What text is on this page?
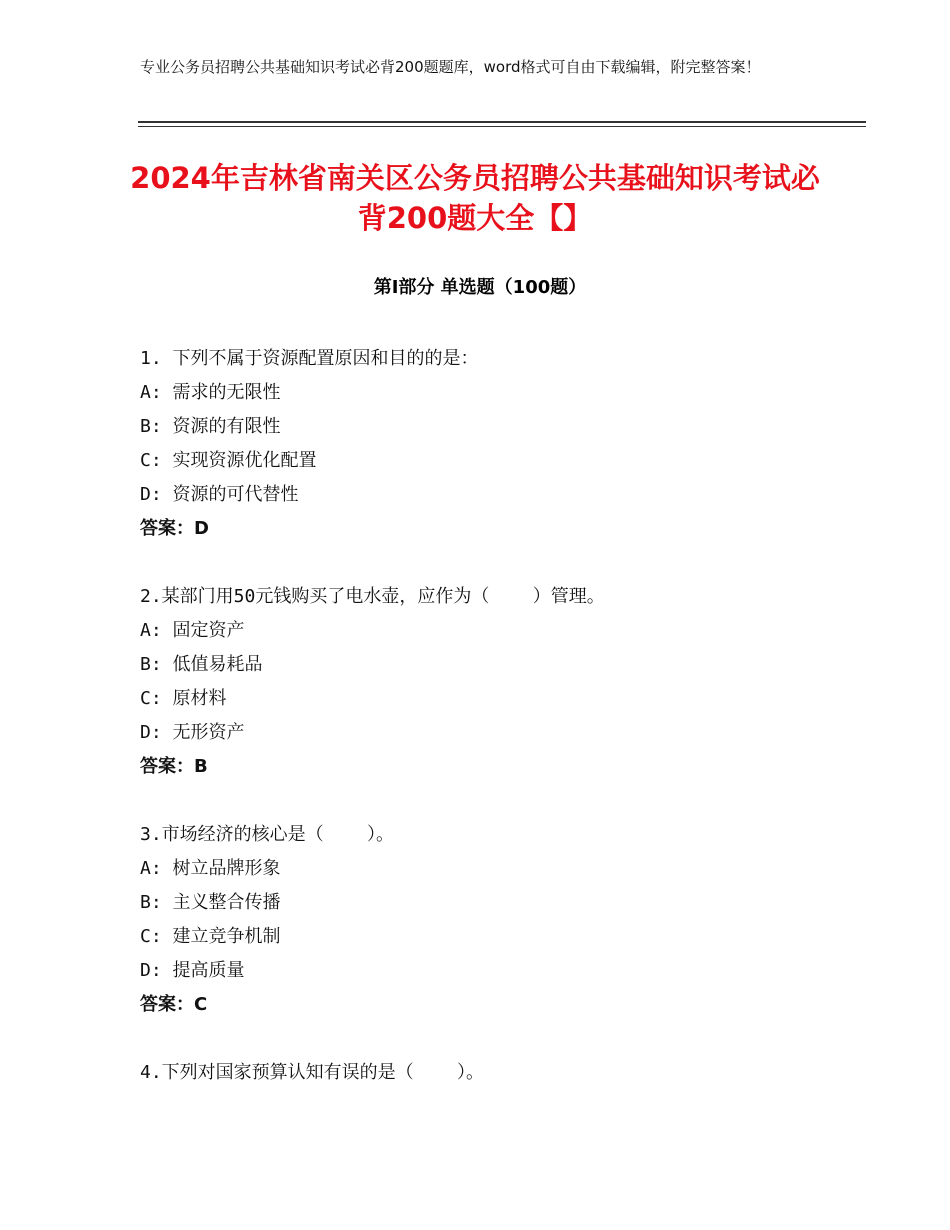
专业公务员招聘公共基础知识考试必背200题题库，word格式可自由下载编辑，附完整答案！
2024年吉林省南关区公务员招聘公共基础知识考试必背200题大全【】
第Ⅰ部分 单选题（100题）
1. 下列不属于资源配置原因和目的的是：
A: 需求的无限性
B: 资源的有限性
C: 实现资源优化配置
D: 资源的可代替性
答案：D
2.某部门用50元钱购买了电水壶，应作为（    ）管理。
A: 固定资产
B: 低值易耗品
C: 原材料
D: 无形资产
答案：B
3.市场经济的核心是（    ）。
A: 树立品牌形象
B: 主义整合传播
C: 建立竞争机制
D: 提高质量
答案：C
4.下列对国家预算认知有误的是（    ）。
